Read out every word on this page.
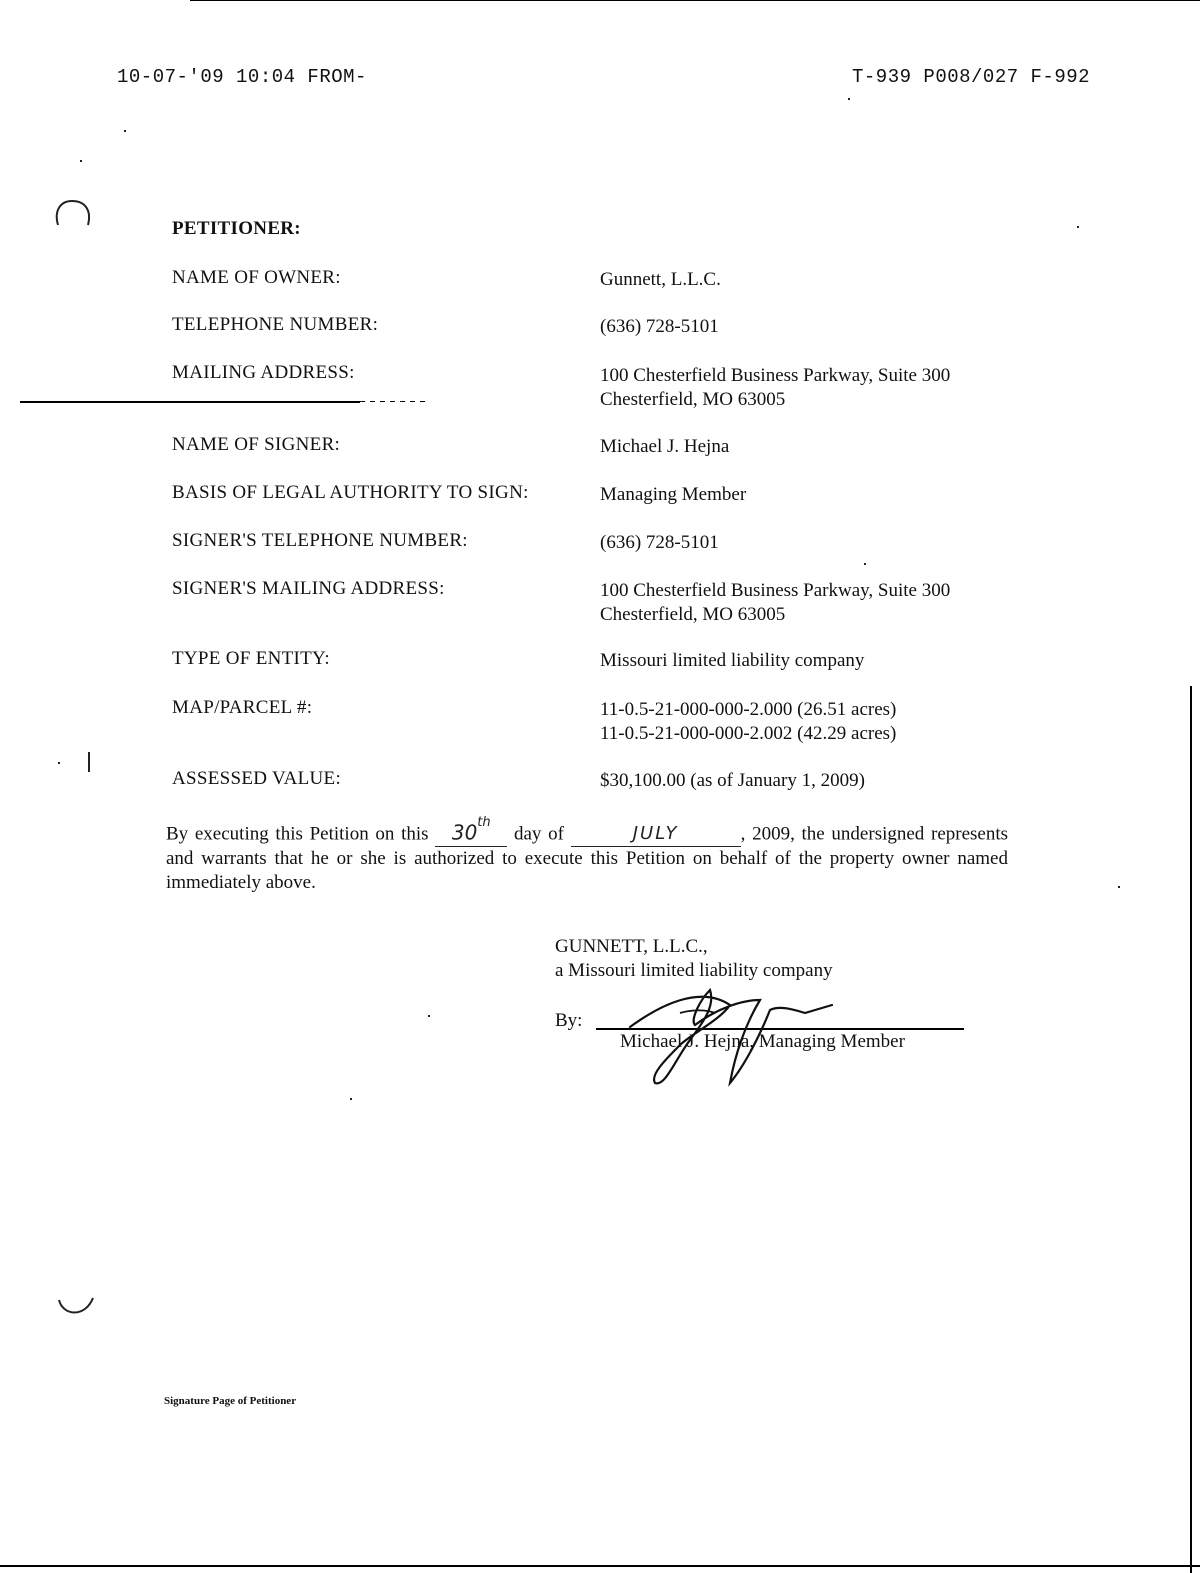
10-07-'09 10:04 FROM-	T-939 P008/027 F-992
PETITIONER:
NAME OF OWNER:	Gunnett, L.L.C.
TELEPHONE NUMBER:	(636) 728-5101
MAILING ADDRESS:	100 Chesterfield Business Parkway, Suite 300
Chesterfield, MO 63005
NAME OF SIGNER:	Michael J. Hejna
BASIS OF LEGAL AUTHORITY TO SIGN:	Managing Member
SIGNER'S TELEPHONE NUMBER:	(636) 728-5101
SIGNER'S MAILING ADDRESS:	100 Chesterfield Business Parkway, Suite 300
Chesterfield, MO 63005
TYPE OF ENTITY:	Missouri limited liability company
MAP/PARCEL #:	11-0.5-21-000-000-2.000 (26.51 acres)
11-0.5-21-000-000-2.002 (42.29 acres)
ASSESSED VALUE:	$30,100.00 (as of January 1, 2009)
By executing this Petition on this 30th day of	JULY	, 2009, the undersigned represents and warrants that he or she is authorized to execute this Petition on behalf of the property owner named immediately above.
GUNNETT, L.L.C.,
a Missouri limited liability company
By:
Michael J. Hejna, Managing Member
Signature Page of Petitioner
